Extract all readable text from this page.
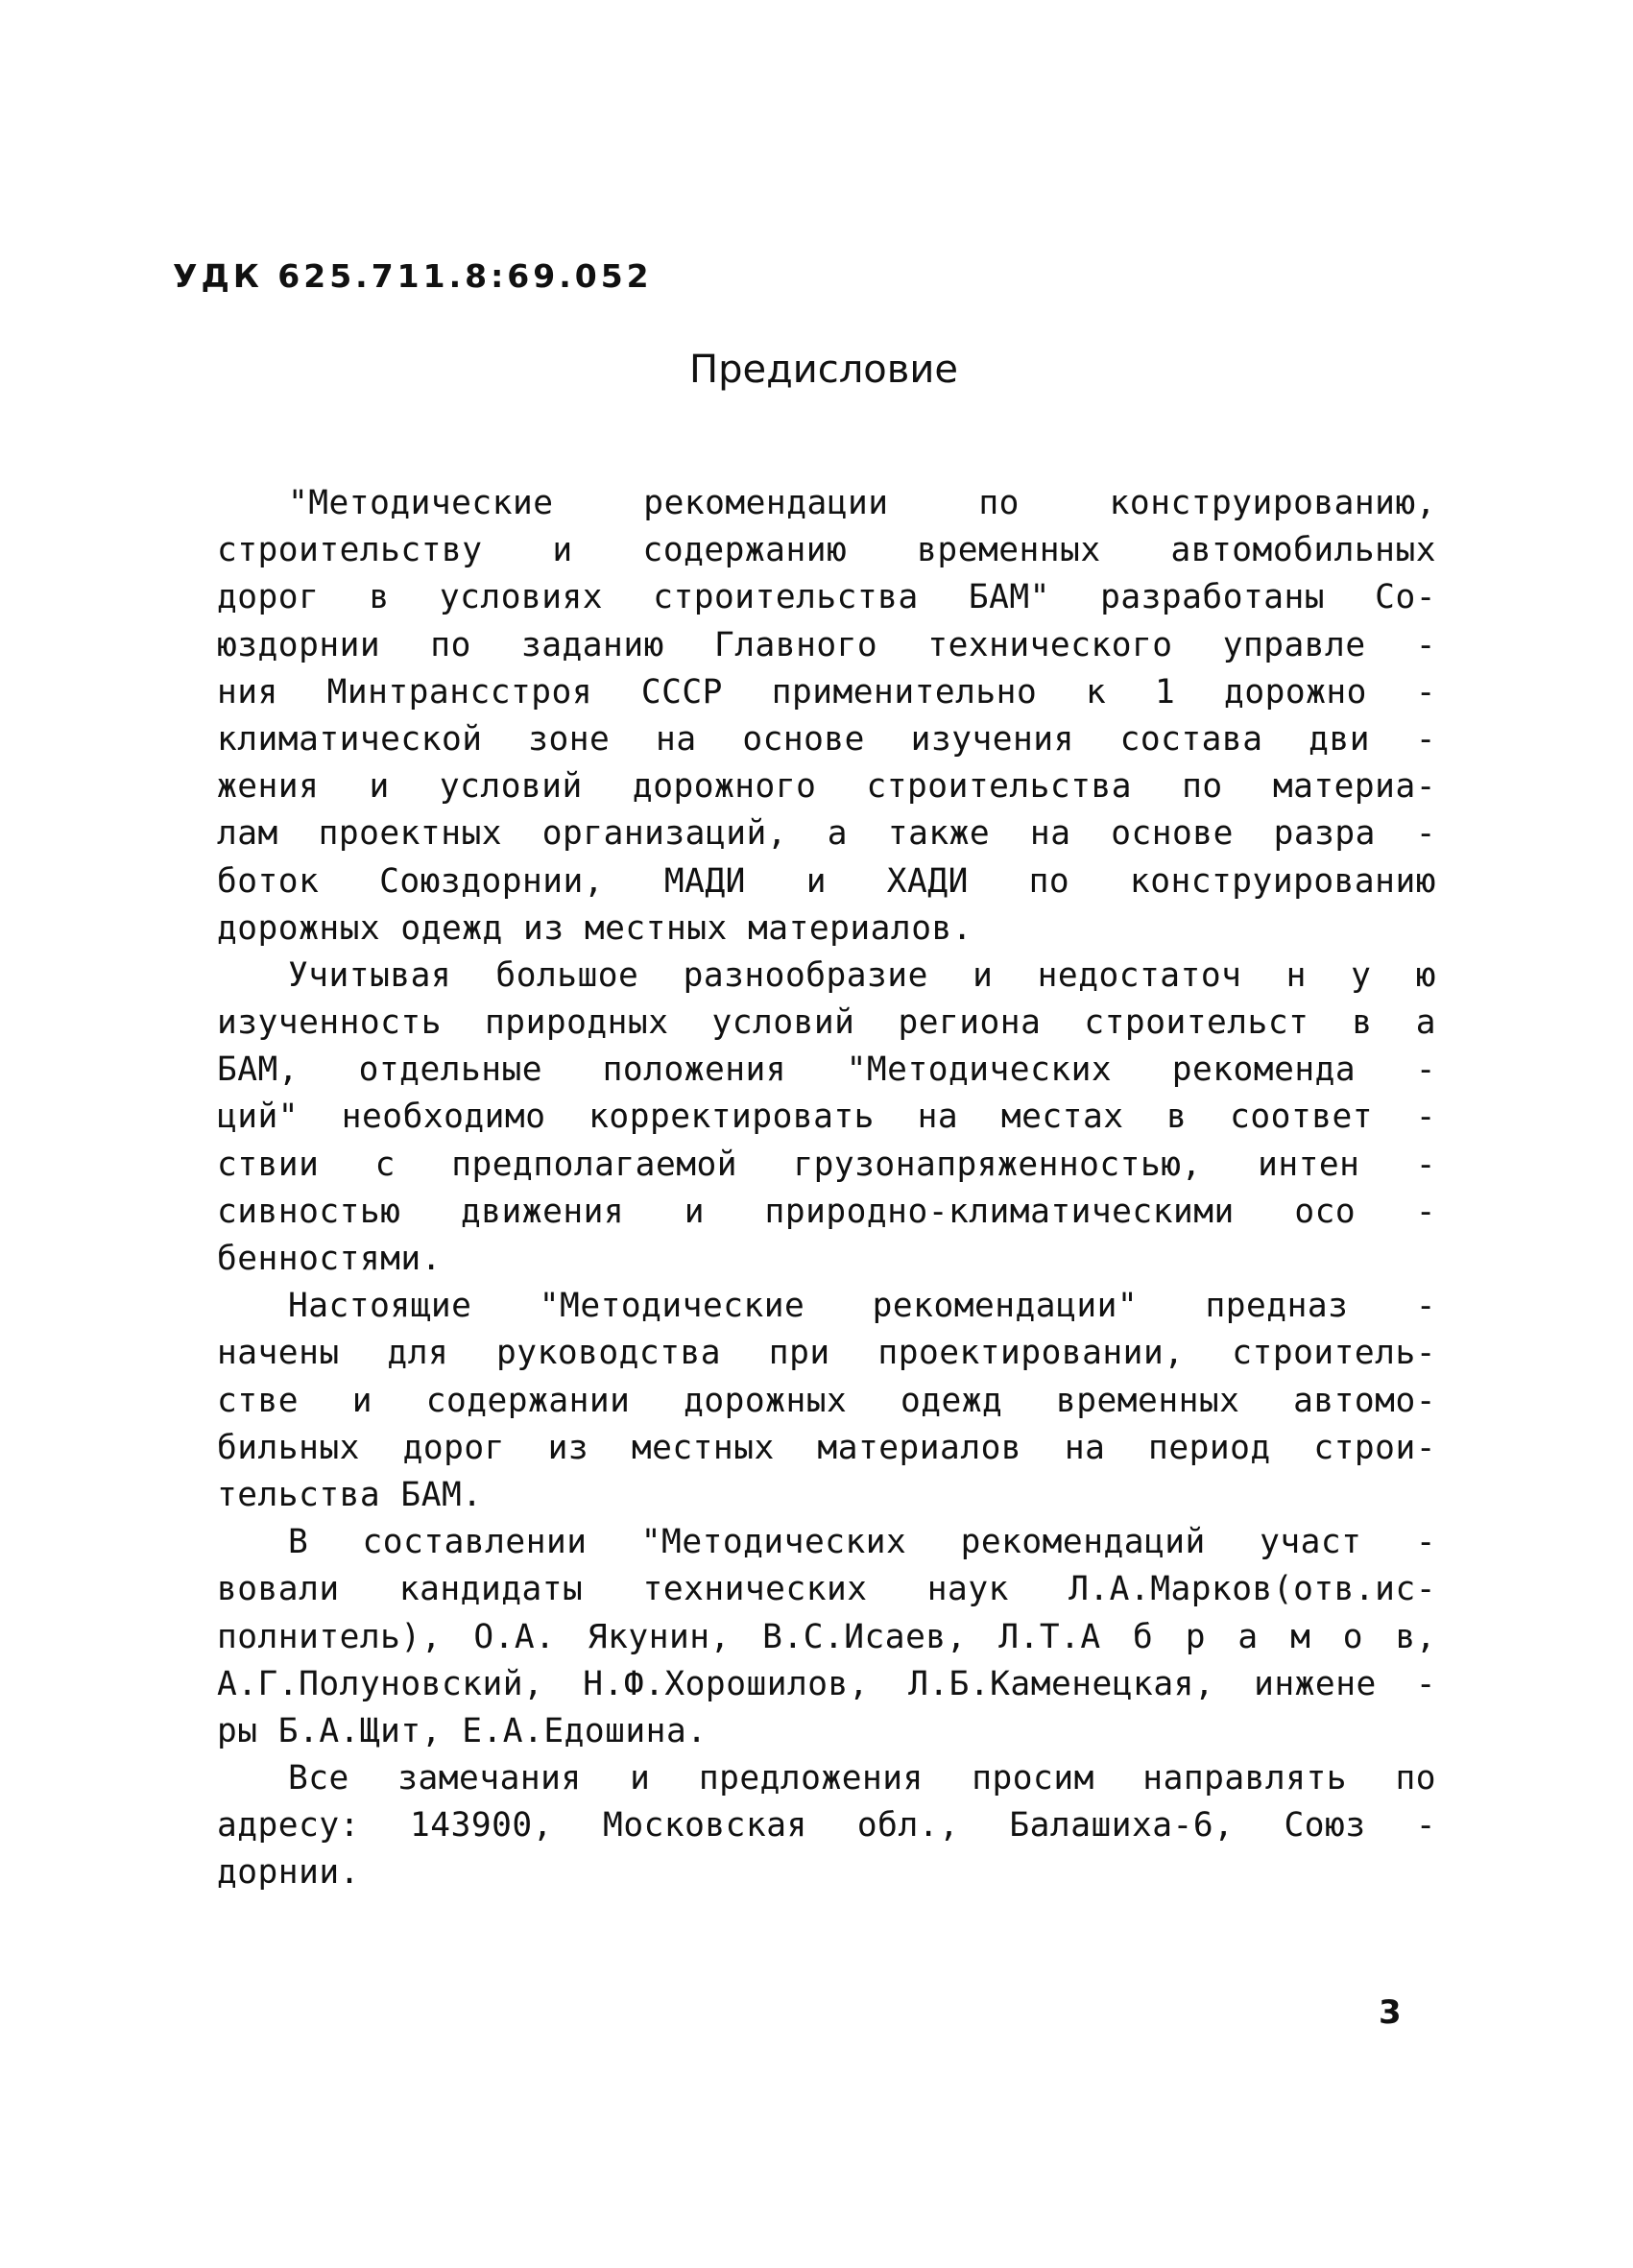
УДК 625.711.8:69.052
Предисловие
"Методические рекомендации по конструированию,
строительству и содержанию временных автомобильных
дорог в условиях строительства БАМ" разработаны Со-
юздорнии по заданию Главного технического управле -
ния Минтрансстроя СССР применительно к 1 дорожно -
климатической зоне на основе изучения состава дви -
жения и условий дорожного строительства по материа-
лам проектных организаций, а также на основе разра -
боток Союздорнии, МАДИ и ХАДИ по конструированию
дорожных одежд из местных материалов.
Учитывая большое разнообразие и недостаточ н у ю
изученность природных условий региона строительст в а
БАМ, отдельные положения "Методических рекоменда -
ций" необходимо корректировать на местах в соответ -
ствии с предполагаемой грузонапряженностью, интен -
сивностью движения и природно-климатическими осо -
бенностями.
Настоящие "Методические рекомендации" предназ -
начены для руководства при проектировании, строитель-
стве и содержании дорожных одежд временных автомо-
бильных дорог из местных материалов на период строи-
тельства БАМ.
В составлении "Методических рекомендаций участ -
вовали кандидаты технических наук Л.А.Марков(отв.ис-
полнитель), О.А. Якунин, В.С.Исаев, Л.Т.А б р а м о в,
А.Г.Полуновский, Н.Ф.Хорошилов, Л.Б.Каменецкая, инжене -
ры Б.А.Щит, Е.А.Едошина.
Все замечания и предложения просим направлять по
адресу: 143900, Московская обл., Балашиха-6, Союз -
дорнии.
3
